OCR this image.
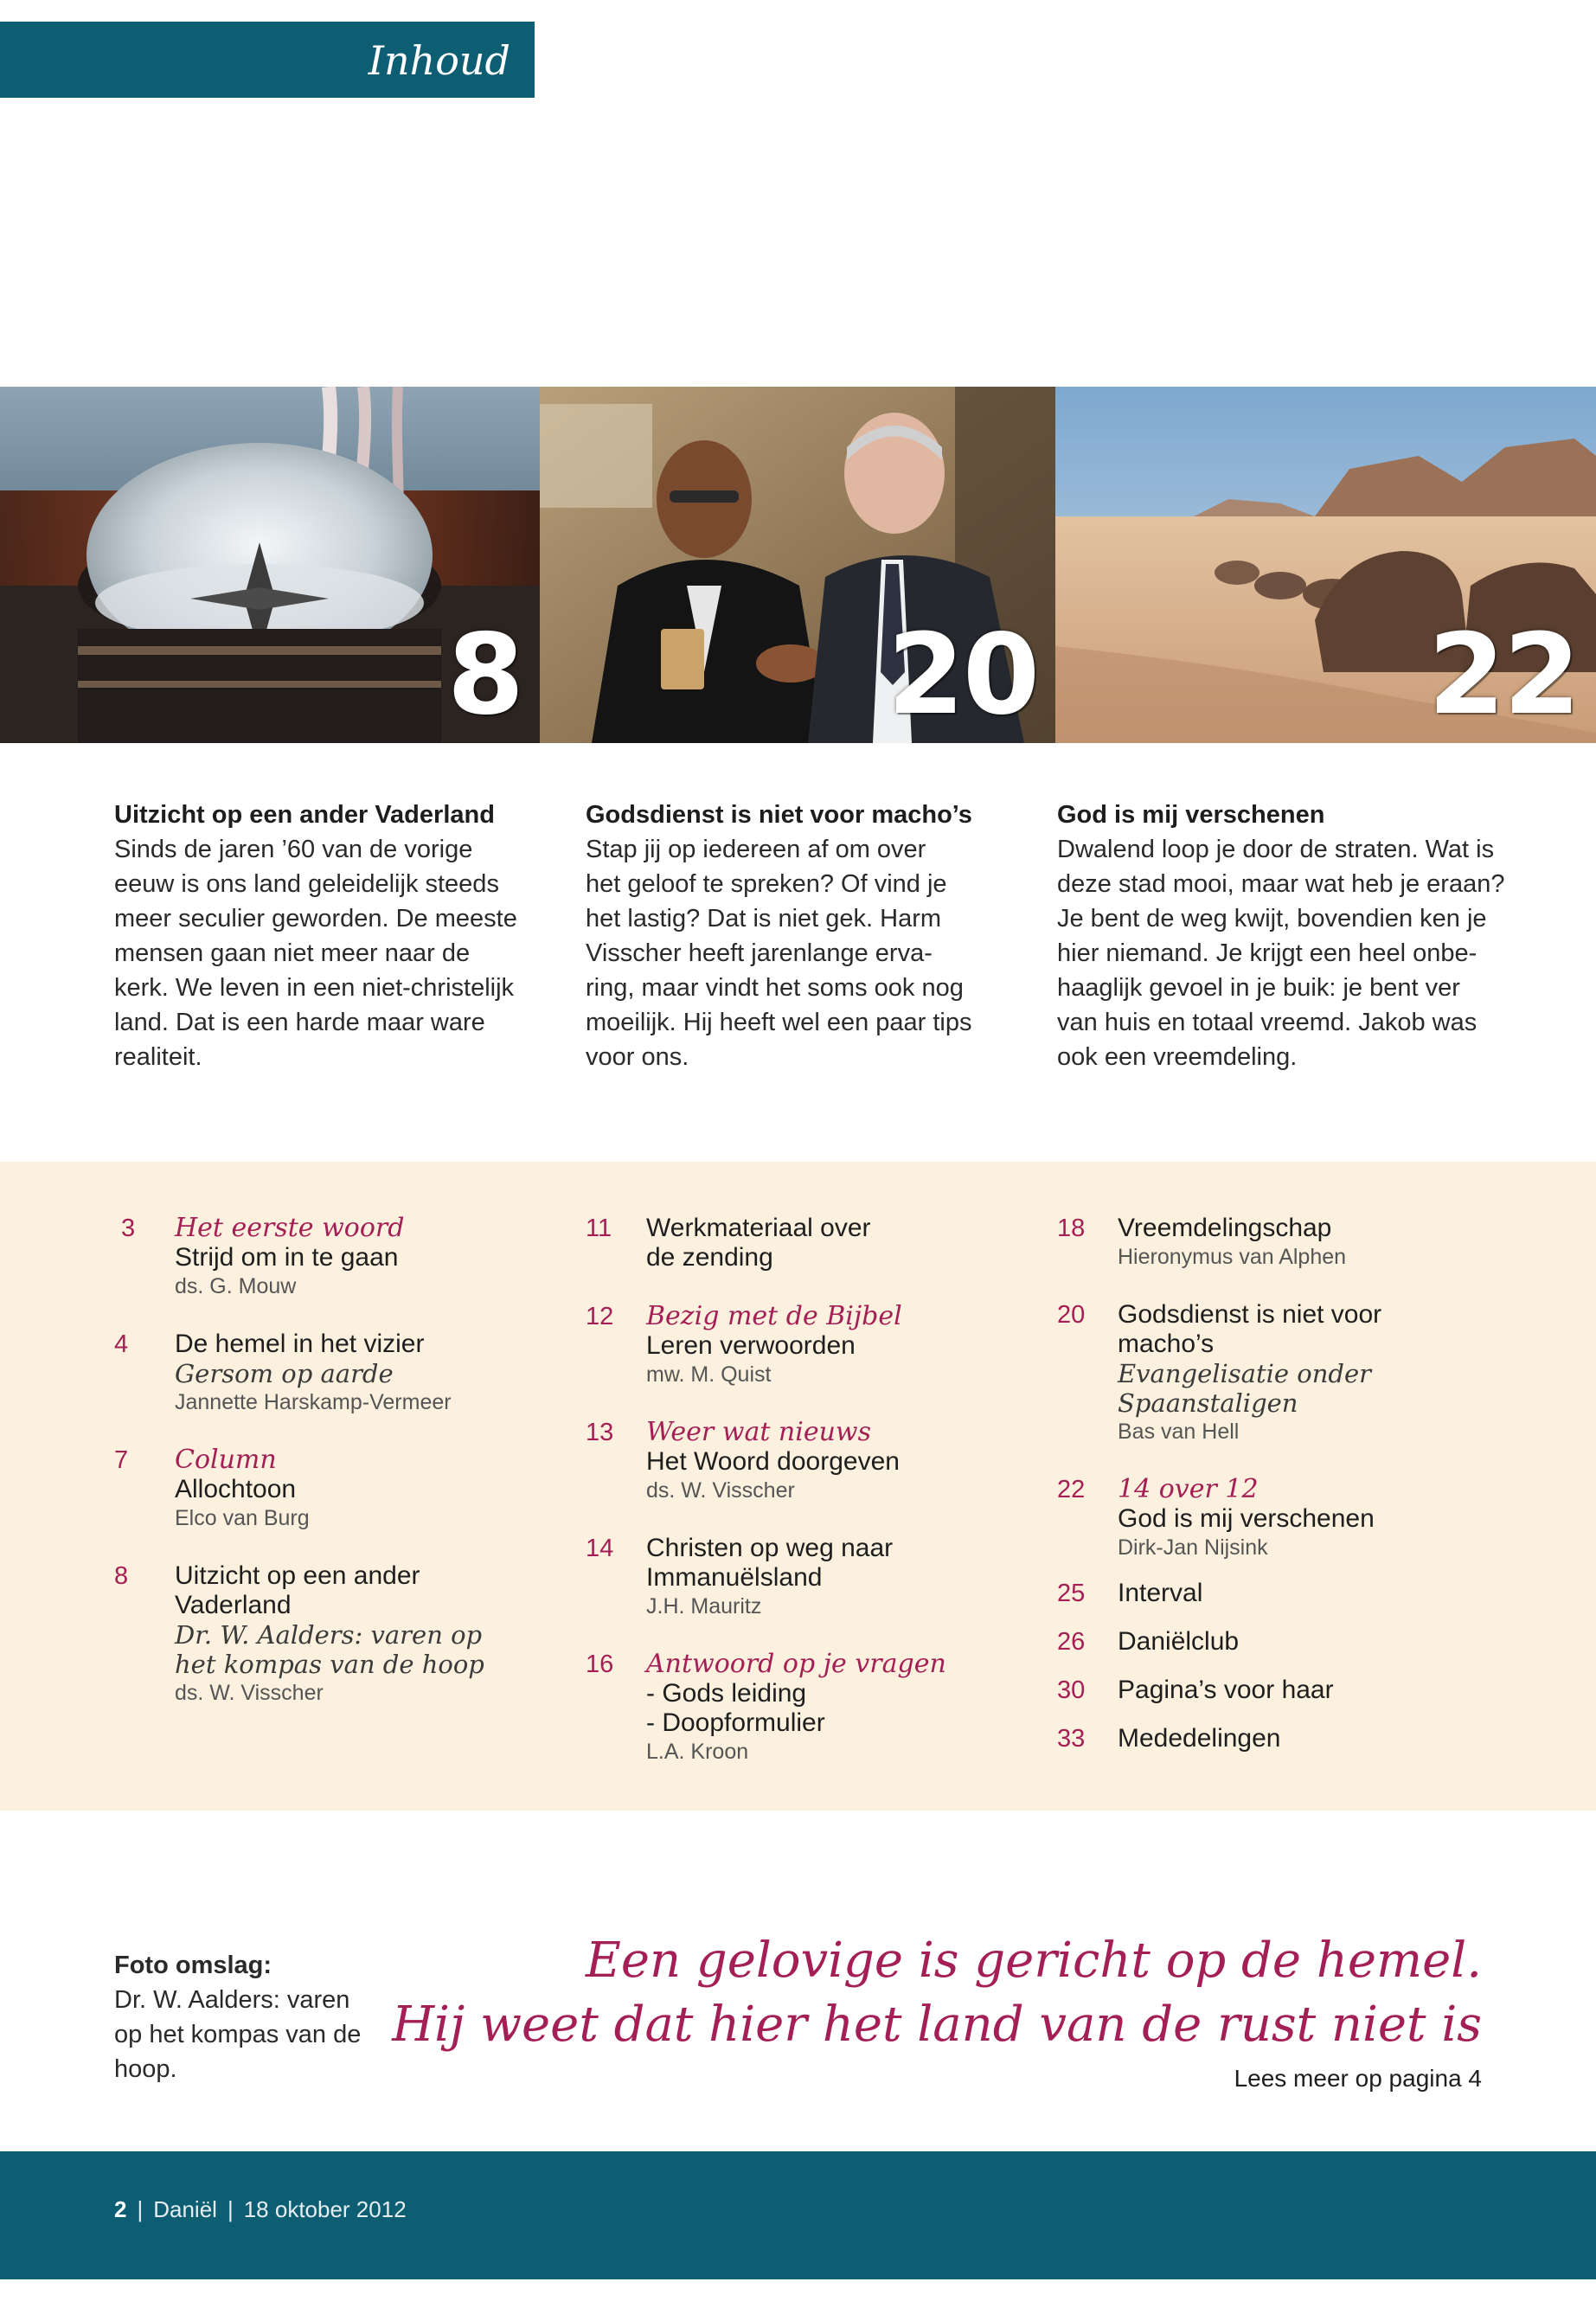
Inhoud
8	20	22
Uitzicht op een ander Vaderland
Sinds de jaren ’60 van de vorige
eeuw is ons land geleidelijk steeds
meer seculier geworden. De meeste
mensen gaan niet meer naar de
kerk. We leven in een niet-christelijk
land. Dat is een harde maar ware
realiteit.
Godsdienst is niet voor macho’s
Stap jij op iedereen af om over
het geloof te spreken? Of vind je
het lastig? Dat is niet gek. Harm
Visscher heeft jarenlange erva-
ring, maar vindt het soms ook nog
moeilijk. Hij heeft wel een paar tips
voor ons.
God is mij verschenen
Dwalend loop je door de straten. Wat is
deze stad mooi, maar wat heb je eraan?
Je bent de weg kwijt, bovendien ken je
hier niemand. Je krijgt een heel onbe-
haaglijk gevoel in je buik: je bent ver
van huis en totaal vreemd. Jakob was
ook een vreemdeling.
3	Het eerste woord
Strijd om in te gaan
ds. G. Mouw
4	De hemel in het vizier
Gersom op aarde
Jannette Harskamp-Vermeer
7	Column
Allochtoon
Elco van Burg
8	Uitzicht op een ander Vaderland
Dr. W. Aalders: varen op het kompas van de hoop
ds. W. Visscher
11	Werkmateriaal over de zending
12	Bezig met de Bijbel
Leren verwoorden
mw. M. Quist
13	Weer wat nieuws
Het Woord doorgeven
ds. W. Visscher
14	Christen op weg naar Immanuëlsland
J.H. Mauritz
16	Antwoord op je vragen
- Gods leiding
- Doopformulier
L.A. Kroon
18	Vreemdelingschap
Hieronymus van Alphen
20	Godsdienst is niet voor macho’s
Evangelisatie onder Spaanstaligen
Bas van Hell
22	14 over 12
God is mij verschenen
Dirk-Jan Nijsink
25	Interval
26	Daniëlclub
30	Pagina’s voor haar
33	Mededelingen
Foto omslag:
Dr. W. Aalders: varen
op het kompas van de
hoop.
Een gelovige is gericht op de hemel.
Hij weet dat hier het land van de rust niet is
Lees meer op pagina 4
2 | Daniël | 18 oktober 2012
